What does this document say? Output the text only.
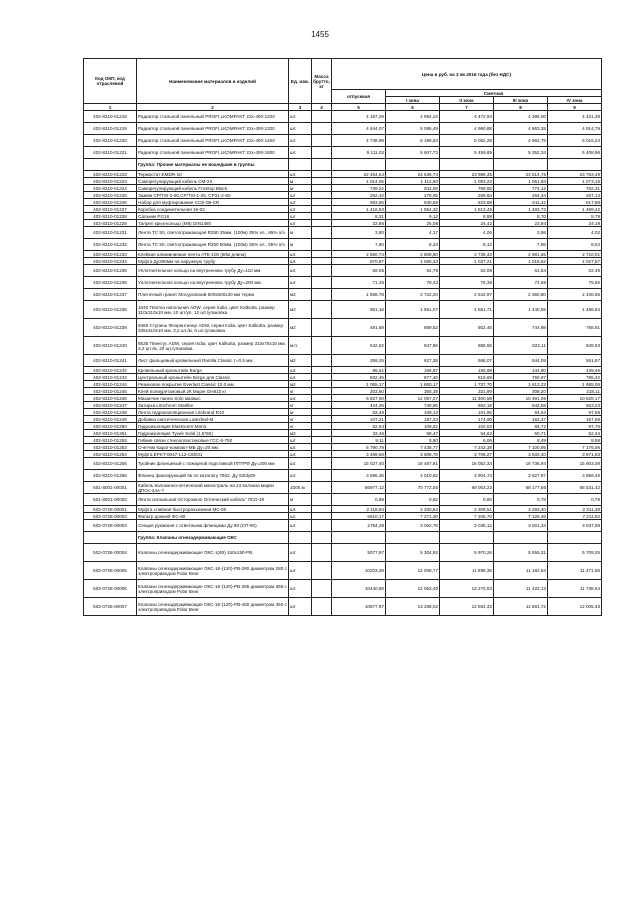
1455
Код ОКП, код отраслевой	Наименование материалов и изделий	Ед. изм.	Масса брутто, кг	Цена в руб. на 3 кв 2016 года (без НДС)				
				отпускная	Сметная			
					I зона	II зона	III зона	IV зона
1	2	3	4	5	6	7	8	9
402-8310-01218	Радиатор стальной панельный PROFI,LKOMPAKT 22х-400-1200	шт.		4 187,29	4 594,22	4 472,94	4 385,00	4 431,38
402-8310-01219	Радиатор стальной панельный PROFI,LKOMPAKT 22х-400-1320	шт.		4 644,07	5 095,49	4 960,88	4 863,35	4 914,79
402-8310-01220	Радиатор стальной панельный PROFI,LKOMPAKT 22х-400-1400	шт.		4 738,99	5 199,54	5 062,28	4 962,75	5 015,24
402-8310-01221	Радиатор стальной панельный PROFI,LKOMPAKT 22х-400-1600	шт.		5 111,02	5 607,73	5 459,69	5 352,34	5 408,96
	Группа: Прочие материалы не вошедшие в группы							
402-8310-01222	Термостат EMDR-10	шт.		22 454,54	24 636,74	23 986,35	23 514,76	23 763,49
402-8310-01223	Саморегулирующий кабель СМ-2Х	м		1 014,05	1 112,60	1 083,23	1 061,93	1 073,16
402-8310-01224	Саморегулирующий кабель FroStop Black	м		739,22	811,06	789,65	774,12	782,31
402-8310-01225	Зажим CP/TSI-2-50,CP/TSI-1-25, CP31-2-50	шт		252,42	276,95	269,64	264,34	267,13
402-8310-01226	Набор для муфтирования CCE-09-CR	шт		583,85	640,59	623,68	611,42	617,88
402-8310-01227	Коробка соединительная 16-02	шт		1 416,63	1 554,32	1 513,49	1 483,73	1 499,42
402-8310-01228	Сальник PG16	шт		8,31	9,12	8,88	8,70	8,79
402-8310-01229	Талреп крюк-кольцо (М8) DIN1480	шт		22,86	25,08	24,42	23,94	24,19
402-8310-01231	Лента TC 50, светоотражающая R250 25мм. (100м) 35% хл., 65% п/э	м		3,80	4,17	4,06	3,98	4,02
402-8310-01232	Лента TC 50, светоотражающая R250 50мм. (100м) 35% хл., 65% п/э	м		7,60	8,34	8,12	7,96	8,04
402-8310-01233	Клейкая алюминиевая лента ATE-100 (50м длина)	шт.		2 560,74	2 809,60	2 735,43	2 681,65	2 710,01
402-8310-01234	Муфта Ду200мм на наружную трубу	шт.		970,97	1 065,33	1 037,21	1 016,82	1 027,57
402-8310-01235	Уплотнительное кольцо на внутреннюю трубу Ду=110 мм.	шт.		59,05	64,79	63,08	61,84	62,49
402-8310-01236	Уплотнительное кольцо на внутреннюю трубу Ду=200 мм.	шт.		71,46	78,43	76,36	74,86	75,65
402-8310-01237	Плиточный гранит Мосуровский 500х500х30 мм термо	м2		1 558,78	2 722,20	2 542,97	2 360,80	2 436,66
402-8310-01238	1040 Плитка напольная ADW, серия India, цвет Kalkutta, размер 310х310х10 мм, 10 шт/уп, 12 шт./упаковка	м2		951,16	1 651,07	1 551,71	1 440,55	1 486,84
402-8310-01239	9460 Ступень Флорентинер ADW, серия India, цвет Kalkutta, размер 335х310х10 мм, 3,2 шт./м, 6 шт./упаковка	м2		491,69	859,52	802,46	744,98	768,91
402-8310-01240	8535 Плинтус ADW, серия India, цвет Kalkutta, размер 310х75х10 мм, 3,2 шт./м, 20 шт./упаковка	м.п.		542,62	947,86	885,55	822,11	848,53
402-8310-01241	Лист фальцевый кровельный Rantila Classic т=0,5 мм	м2		359,25	627,38	586,07	544,09	561,57
402-8310-01242	Кровельный кронштейн Borge	шт.		85,61	166,87	155,98	144,80	149,46
402-8310-01243	Центральный кронштейн Borge для Classic	шт.		502,45	877,46	819,69	760,97	785,42
402-8310-01244	Резиновое покрытие Everlast Classic 10.0 мм	м2		1 065,17	1 860,17	1 737,70	1 613,22	1 665,06
402-8310-01245	Клей полиуретановый 2К Mapei GH810 кг	кг		203,50	355,39	331,99	308,20	318,11
402-8310-01246	Мазанчое панно Solo мазвыс	шт.		6 927,00	12 097,07	11 300,58	10 491,06	10 828,17
402-8310-01247	Затирка Litochrom Starlike	кг		424,26	740,95	692,18	642,58	663,23
402-8310-01248	Лента гидроизоляционная Litokrand R10	м		62,49	109,13	101,95	94,64	97,68
402-8310-01249	Добавка синтетическая Latexfeel-M	кг		107,21	187,23	174,90	162,37	167,59
402-8310-01250	Гидроизоляция Elastocem-Mono	кг		62,54	109,22	102,03	94,72	97,76
402-8310-01251	Гидроизоляция Tyvek Solid (1,5*50)	м2		33,46	58,47	54,62	50,71	52,34
402-8310-01252	Гибкие связи стеклопластиковые ГСС-6-750	шт		8,11	5,60	6,06	8,49	8,58
402-8310-01253	Счетчик Карат-компакт-МБ Ду=20 мм.	шт.		6 790,79	7 438,77	7 243,38	7 100,95	7 176,06
402-8310-01254	Муфта EPKT-0047-L12-CEE01	шт.		3 469,58	3 608,76	3 706,27	3 633,40	3 671,83
402-8310-01255	Тройник фланцевый с пожарной подставкой ППТРФ Ду=200 мм	шт.		15 027,40	16 487,61	16 052,34	15 736,94	15 903,39
402-8310-01256	Фланец фиксирующий № по каталогу 7602, Ду 63/dy60	шт.		3 695,35	4 010,82	3 904,74	3 827,97	3 868,46
501-8001-00001	Кабель волоконно-оптический магистраль на 24 волокна марки ДПОс-24А-7	1000 м		66977,12	70 772,55	69 003,23	68 177,56	68 531,42
501-8001-00002	Лента сигнальная Осторожно! Оптический кабель" ЛСО-40	м		0,89	0,82	0,80	0,78	0,78
502-0726-00001	Муфта сливная быстроразъемная МС-80	шт.		2 118,84	2 330,54	2 309,51	2 283,40	2 311,38
502-0726-00002	Фильтр дожной ФС-80	шт.		6610,17	7 271,30	7 205,70	7 125,46	7 211,82
502-0726-00003	Секция рукавная с ответными фланцами Ду 80 (СП-80)	шт.		2784,28	3 062,76	3 035,12	3 001,33	3 037,58
	Группа: Клапаны огнезадерживающие ОКС							
502-0726-00004	Клапаны огнезадерживающие ОКС-1(60) 150х150-РВ	шт.		5077,97	5 304,92	5 970,26	5 555,31	5 709,25
502-0726-00005	Клапаны огнезадерживающие ОКС-1К-(120)-РВ-280 диаметром 280 с электроприводом Polar Bear	шт.		10203,39	12 008,77	11 998,35	11 182,53	11 471,85
502-0726-00006	Клапаны огнезадерживающие ОКС-1К-(120)-РВ-355 диаметром 355 с электроприводом Polar Bear	шт.		10440,68	12 063,40	12 275,53	11 422,13	11 738,64
502-0726-00007	Клапаны огнезадерживающие ОКС-1К-(120)-РВ-450 диаметром 450 с электроприводом Polar Bear	шт		10677,97	13 258,02	12 554,32	11 681,72	12 005,43
